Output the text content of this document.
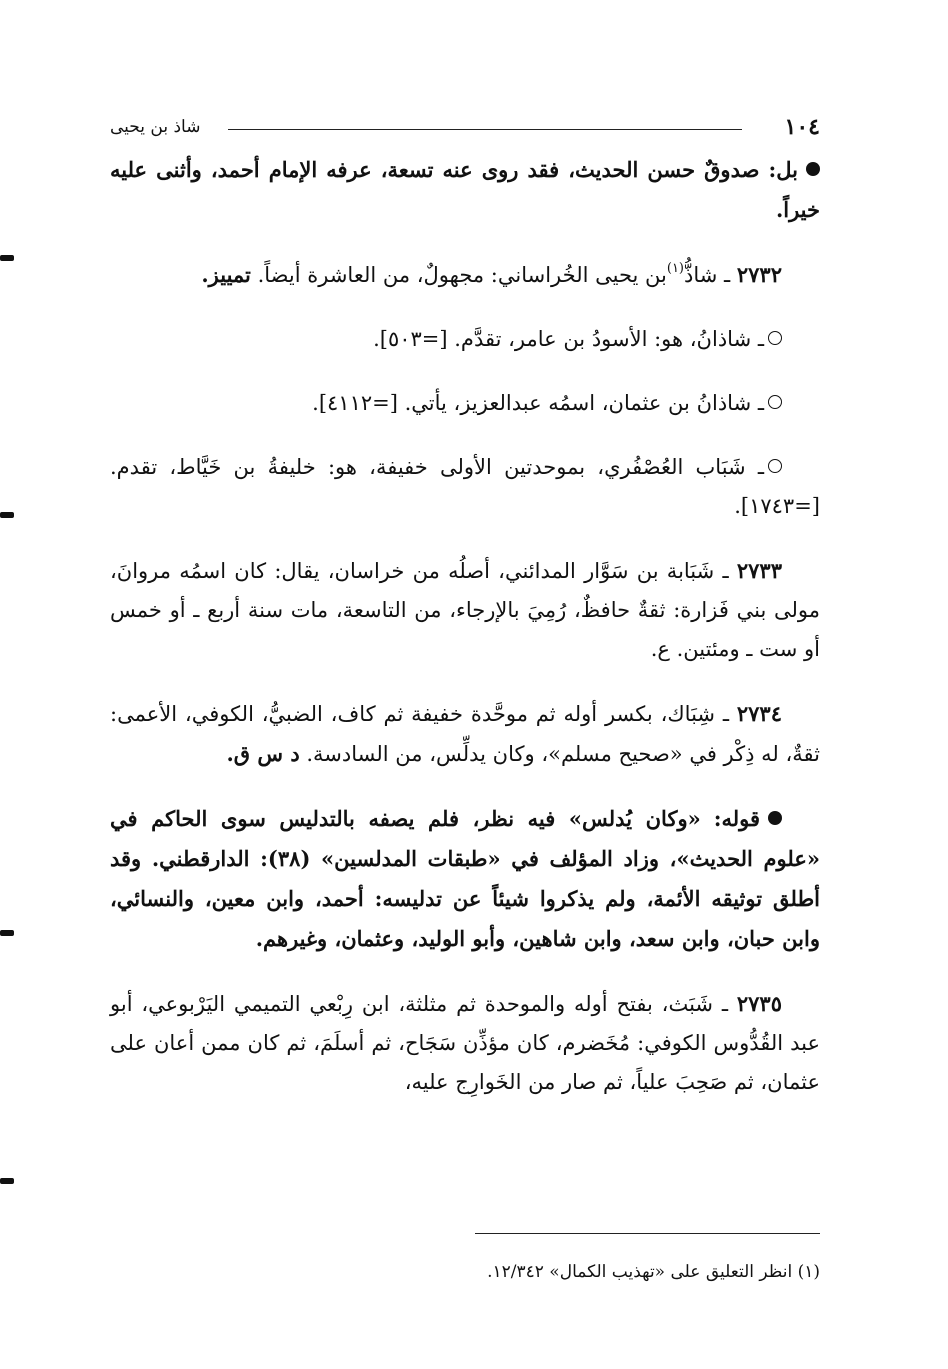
١٠٤
شاذ بن يحيى

بل: صدوقٌ حسن الحديث، فقد روى عنه تسعة، عرفه الإمام أحمد، وأثنى عليه خيراً.

٢٧٣٢ ـ شاذُّ$^{(١)}$بن يحيى الخُراساني: مجهولٌ، من العاشرة أيضاً. تمييز.

ـ شاذانُ، هو: الأسودُ بن عامر، تقدَّم. [=٥٠٣].

ـ شاذانُ بن عثمان، اسمُه عبدالعزيز، يأتي. [=٤١١٢].

ـ شَبَاب العُصْفُري، بموحدتين الأولى خفيفة، هو: خليفةُ بن خَيَّاط، تقدم. [=١٧٤٣].

٢٧٣٣ ـ شَبَابة بن سَوَّار المدائني، أصلُه من خراسان، يقال: كان اسمُه مروانَ، مولى بني فَزارة: ثقةٌ حافظٌ، رُمِيَ بالإرجاء، من التاسعة، مات سنة أربع ـ أو خمس أو ست ـ ومئتين. ع.

٢٧٣٤ ـ شِبَاك، بكسر أوله ثم موحَّدة خفيفة ثم كاف، الضبيُّ، الكوفي، الأعمى: ثقةٌ، له ذِكْر في «صحيح مسلم»، وكان يدلِّس، من السادسة. د س ق.

قوله: «وكان يُدلس» فيه نظر، فلم يصفه بالتدليس سوى الحاكم في «علوم الحديث»، وزاد المؤلف في «طبقات المدلسين» (٣٨): الدارقطني. وقد أطلق توثيقه الأئمة، ولم يذكروا شيئاً عن تدليسه: أحمد، وابن معين، والنسائي، وابن حبان، وابن سعد، وابن شاهين، وأبو الوليد، وعثمان، وغيرهم.

٢٧٣٥ ـ شَبَث، بفتح أوله والموحدة ثم مثلثة، ابن رِبْعي التميمي اليَرْبوعي، أبو عبد القُدُّوس الكوفي: مُخَضرم، كان مؤذِّن سَجَاح، ثم أسلَمَ، ثم كان ممن أعان على عثمان، ثم صَحِبَ علياً، ثم صار من الخَوارِج عليه،

(١) انظر التعليق على «تهذيب الكمال» ١٢/٣٤٢.
